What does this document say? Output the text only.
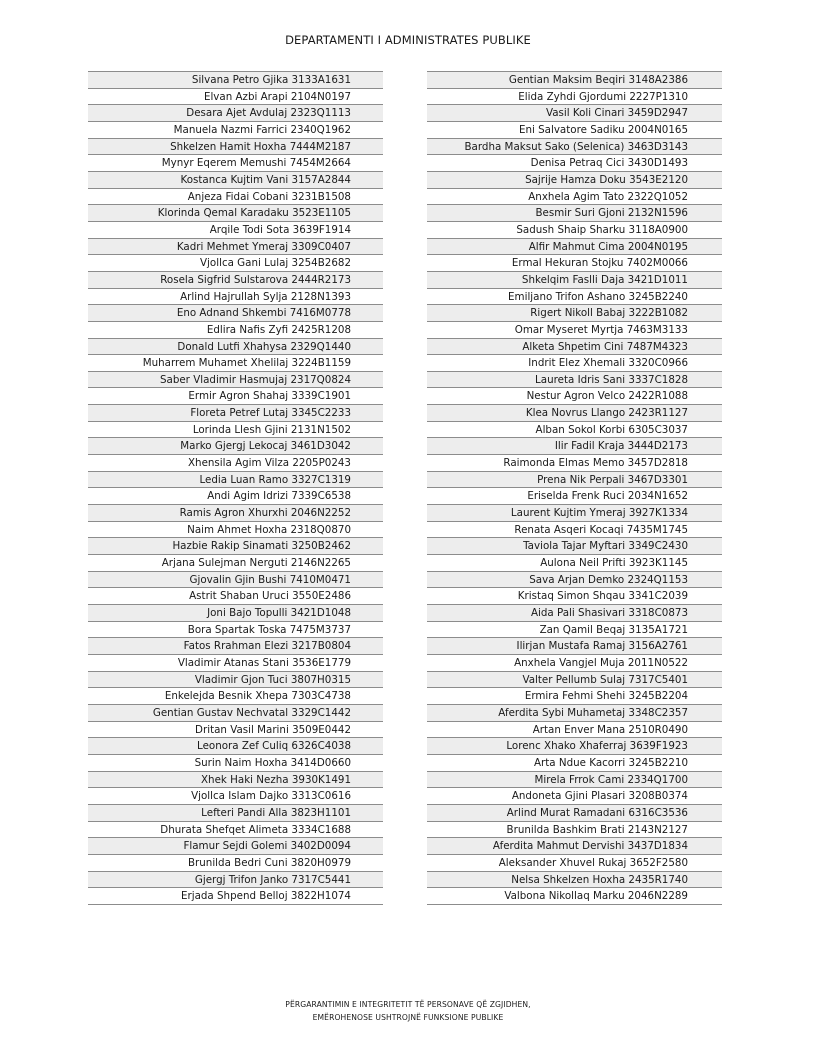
DEPARTAMENTI I ADMINISTRATES PUBLIKE
Silvana Petro Gjika 3133A1631
Elvan Azbi Arapi 2104N0197
Desara Ajet Avdulaj 2323Q1113
Manuela Nazmi Farrici 2340Q1962
Shkelzen Hamit Hoxha 7444M2187
Mynyr Eqerem Memushi 7454M2664
Kostanca Kujtim Vani 3157A2844
Anjeza Fidai Cobani 3231B1508
Klorinda Qemal Karadaku 3523E1105
Arqile Todi Sota 3639F1914
Kadri Mehmet Ymeraj 3309C0407
Vjollca Gani Lulaj 3254B2682
Rosela Sigfrid Sulstarova 2444R2173
Arlind Hajrullah Sylja 2128N1393
Eno Adnand Shkembi 7416M0778
Edlira Nafis Zyfi 2425R1208
Donald Lutfi Xhahysa 2329Q1440
Muharrem Muhamet Xhelilaj 3224B1159
Saber Vladimir Hasmujaj 2317Q0824
Ermir Agron Shahaj 3339C1901
Floreta Petref Lutaj 3345C2233
Lorinda Llesh Gjini 2131N1502
Marko Gjergj Lekocaj 3461D3042
Xhensila Agim Vilza 2205P0243
Ledia Luan Ramo 3327C1319
Andi Agim Idrizi 7339C6538
Ramis Agron Xhurxhi 2046N2252
Naim Ahmet Hoxha 2318Q0870
Hazbie Rakip Sinamati 3250B2462
Arjana Sulejman Nerguti 2146N2265
Gjovalin Gjin Bushi 7410M0471
Astrit Shaban Uruci 3550E2486
Joni Bajo Topulli 3421D1048
Bora Spartak Toska 7475M3737
Fatos Rrahman Elezi 3217B0804
Vladimir Atanas Stani 3536E1779
Vladimir Gjon Tuci 3807H0315
Enkelejda Besnik Xhepa 7303C4738
Gentian Gustav Nechvatal 3329C1442
Dritan Vasil Marini 3509E0442
Leonora Zef Culiq 6326C4038
Surin Naim Hoxha 3414D0660
Xhek Haki Nezha 3930K1491
Vjollca Islam Dajko 3313C0616
Lefteri Pandi Alla 3823H1101
Dhurata Shefqet Alimeta 3334C1688
Flamur Sejdi Golemi 3402D0094
Brunilda Bedri Cuni 3820H0979
Gjergj Trifon Janko 7317C5441
Erjada Shpend Belloj 3822H1074
Gentian Maksim Beqiri 3148A2386
Elida Zyhdi Gjordumi 2227P1310
Vasil Koli Cinari 3459D2947
Eni Salvatore Sadiku 2004N0165
Bardha Maksut Sako (Selenica) 3463D3143
Denisa Petraq Cici 3430D1493
Sajrije Hamza Doku 3543E2120
Anxhela Agim Tato 2322Q1052
Besmir Suri Gjoni 2132N1596
Sadush Shaip Sharku 3118A0900
Alfir Mahmut Cima 2004N0195
Ermal Hekuran Stojku 7402M0066
Shkelqim Faslli Daja 3421D1011
Emiljano Trifon Ashano 3245B2240
Rigert Nikoll Babaj 3222B1082
Omar Myseret Myrtja 7463M3133
Alketa Shpetim Cini 7487M4323
Indrit Elez Xhemali 3320C0966
Laureta Idris Sani 3337C1828
Nestur Agron Velco 2422R1088
Klea Novrus Llango 2423R1127
Alban Sokol Korbi 6305C3037
Ilir Fadil Kraja 3444D2173
Raimonda Elmas Memo 3457D2818
Prena Nik Perpali 3467D3301
Eriselda Frenk Ruci 2034N1652
Laurent Kujtim Ymeraj 3927K1334
Renata Asqeri Kocaqi 7435M1745
Taviola Tajar Myftari 3349C2430
Aulona Neil Prifti 3923K1145
Sava Arjan Demko 2324Q1153
Kristaq Simon Shqau 3341C2039
Aida Pali Shasivari 3318C0873
Zan Qamil Beqaj 3135A1721
Ilirjan Mustafa Ramaj 3156A2761
Anxhela Vangjel Muja 2011N0522
Valter Pellumb Sulaj 7317C5401
Ermira Fehmi Shehi 3245B2204
Aferdita Sybi Muhametaj 3348C2357
Artan Enver Mana 2510R0490
Lorenc Xhako Xhaferraj 3639F1923
Arta Ndue Kacorri 3245B2210
Mirela Frrok Cami 2334Q1700
Andoneta Gjini Plasari 3208B0374
Arlind Murat Ramadani 6316C3536
Brunilda Bashkim Brati 2143N2127
Aferdita Mahmut Dervishi 3437D1834
Aleksander Xhuvel Rukaj 3652F2580
Nelsa Shkelzen Hoxha 2435R1740
Valbona Nikollaq Marku 2046N2289
PËRGARANTIMIN E INTEGRITETIT TË PERSONAVE QË ZGJIDHEN,
EMËROHENOSE USHTROJNË FUNKSIONE PUBLIKE
